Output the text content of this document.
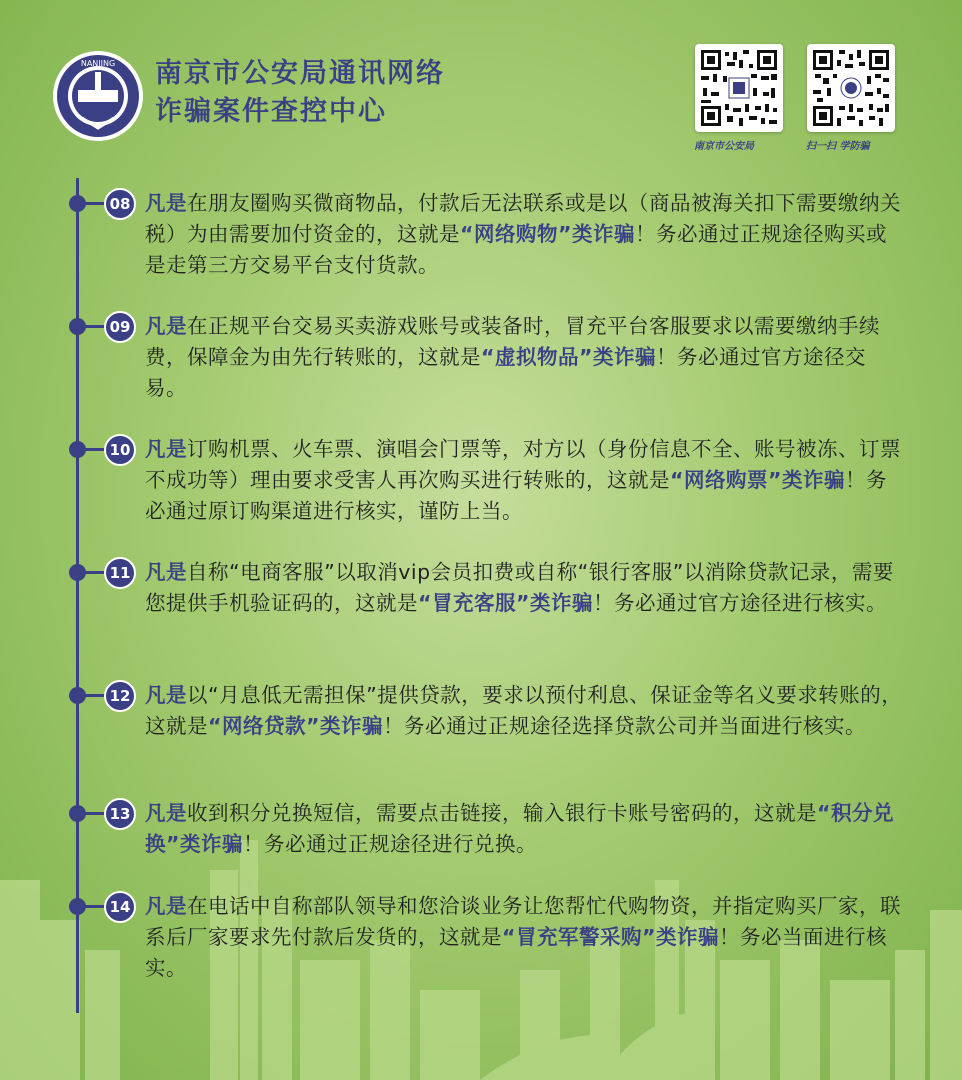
NANJING 南京市公安局通讯网络
诈骗案件查控中心
南京市公安局	扫一扫 学防骗
08 凡是在朋友圈购买微商物品，付款后无法联系或是以（商品被海关扣下需要缴纳关税）为由需要加付资金的，这就是“网络购物”类诈骗！务必通过正规途径购买或是走第三方交易平台支付货款。
09 凡是在正规平台交易买卖游戏账号或装备时，冒充平台客服要求以需要缴纳手续费，保障金为由先行转账的，这就是“虚拟物品”类诈骗！务必通过官方途径交易。
10 凡是订购机票、火车票、演唱会门票等，对方以（身份信息不全、账号被冻、订票不成功等）理由要求受害人再次购买进行转账的，这就是“网络购票”类诈骗！务必通过原订购渠道进行核实，谨防上当。
11 凡是自称“电商客服”以取消vip会员扣费或自称“银行客服”以消除贷款记录，需要您提供手机验证码的，这就是“冒充客服”类诈骗！务必通过官方途径进行核实。
12 凡是以“月息低无需担保”提供贷款，要求以预付利息、保证金等名义要求转账的，这就是“网络贷款”类诈骗！务必通过正规途径选择贷款公司并当面进行核实。
13 凡是收到积分兑换短信，需要点击链接，输入银行卡账号密码的，这就是“积分兑换”类诈骗！务必通过正规途径进行兑换。
14 凡是在电话中自称部队领导和您洽谈业务让您帮忙代购物资，并指定购买厂家，联系后厂家要求先付款后发货的，这就是“冒充军警采购”类诈骗！务必当面进行核实。
